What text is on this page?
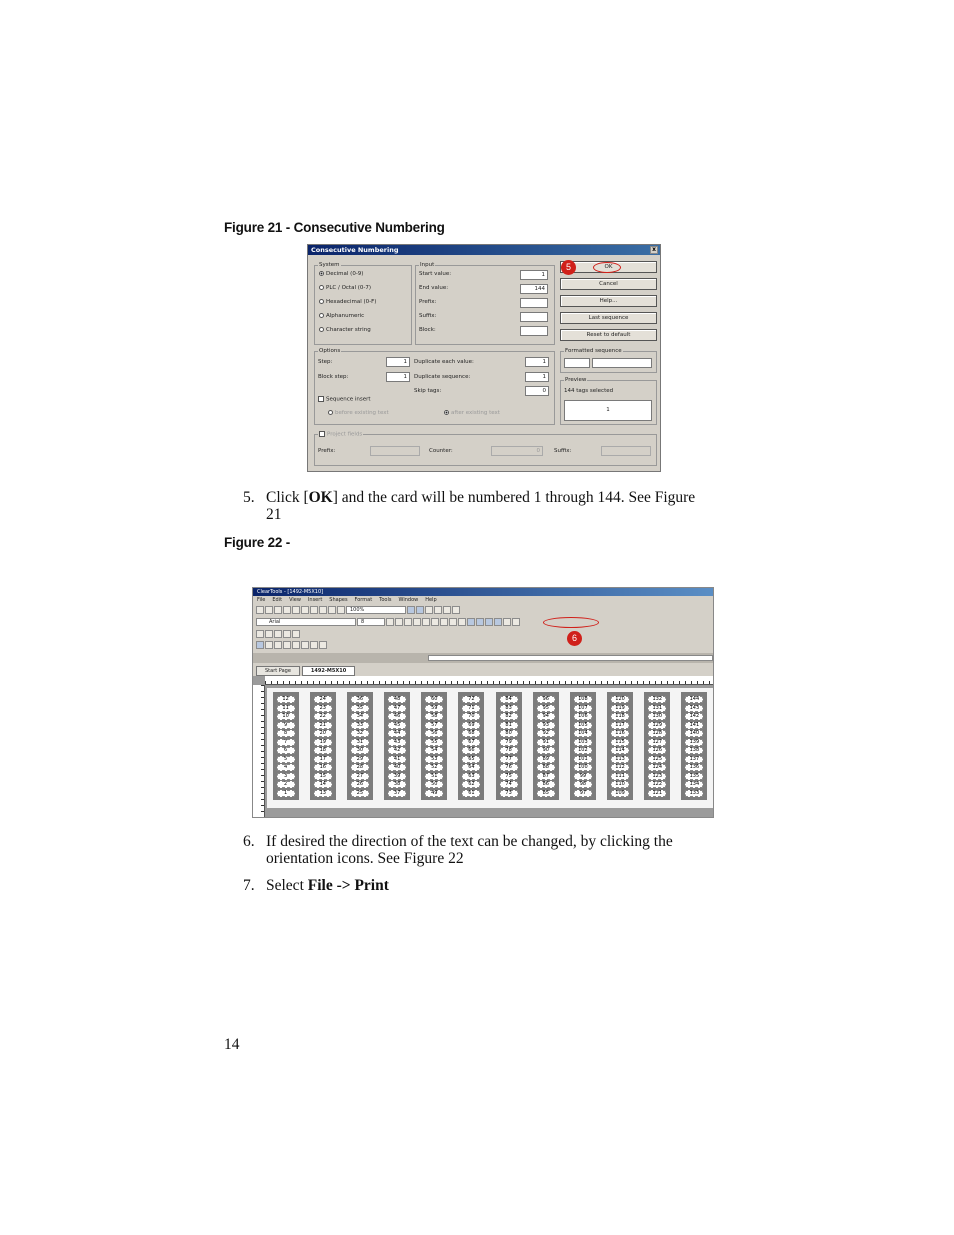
Figure 21 - Consecutive Numbering
Consecutive Numbering	x
System
Decimal (0-9)
PLC / Octal (0-7)
Hexadecimal (0-F)
Alphanumeric
Character string
Input
Start value:	1
End value:	144
Prefix:
Suffix:
Block:
OK
Cancel
Help...
Last sequence
Reset to default
5
Options
Step:	1
Block step:	1
Duplicate each value:	1
Duplicate sequence:	1
Skip tags:	0
Sequence insert
before existing text	after existing text
Formatted sequence
Preview
144 tags selected
1
Project fields
Prefix:	Counter:	0	Suffix:
5. Click [OK] and the card will be numbered 1 through 144. See Figure 21
Figure 22 -
ClearTools - [1492-M5X10]
File Edit View Insert Shapes Format Tools Window Help
100%
Arial	8
6
Start Page	1492-M5X10
12
11
10
9
8
7
6
5
4
3
2
1
24
23
22
21
20
19
18
17
16
15
14
13
36
35
34
33
32
31
30
29
28
27
26
25
48
47
46
45
44
43
42
41
40
39
38
37
60
59
58
57
56
55
54
53
52
51
50
49
72
71
70
69
68
67
66
65
64
63
62
61
84
83
82
81
80
79
78
77
76
75
74
73
96
95
94
93
92
91
90
89
88
87
86
85
108
107
106
105
104
103
102
101
100
99
98
97
120
119
118
117
116
115
114
113
112
111
110
109
132
131
130
129
128
127
126
125
124
123
122
121
144
143
142
141
140
139
138
137
136
135
134
133
6. If desired the direction of the text can be changed, by clicking the orientation icons. See Figure 22
7. Select File -> Print
14
